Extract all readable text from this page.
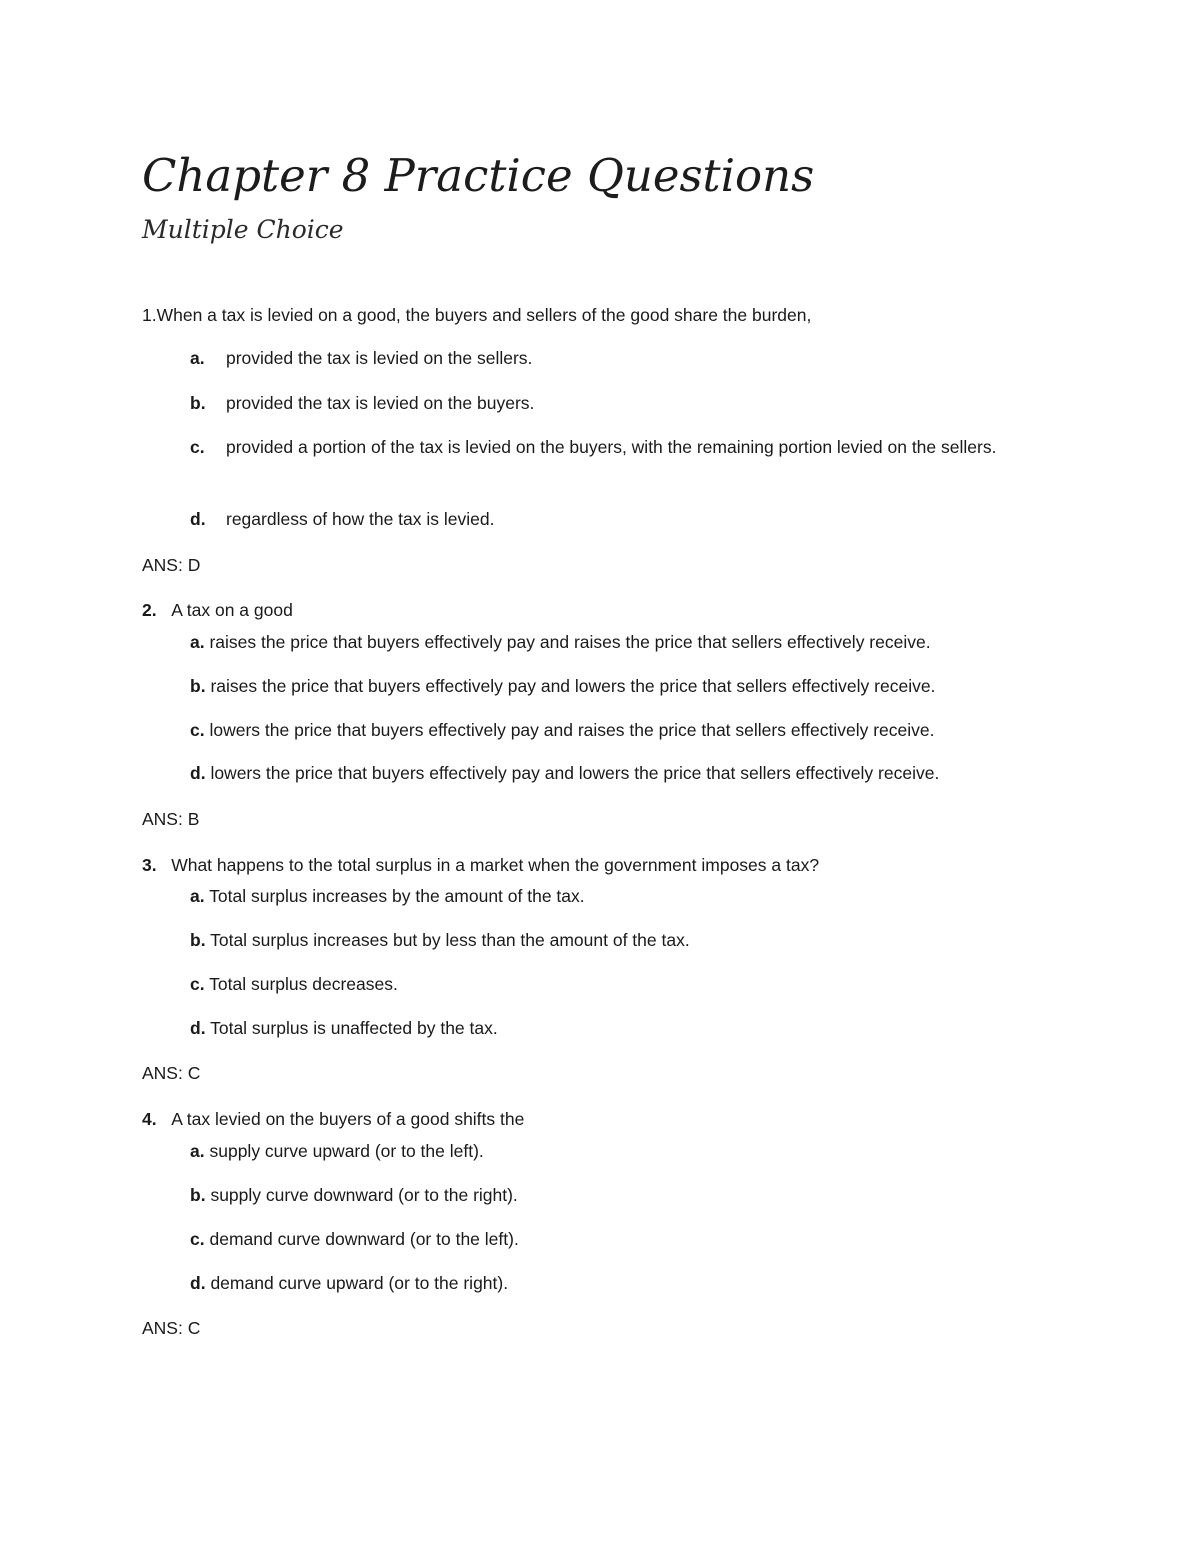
Chapter 8 Practice Questions
Multiple Choice
1.When a tax is levied on a good, the buyers and sellers of the good share the burden,
a.	provided the tax is levied on the sellers.
b.	provided the tax is levied on the buyers.
c.	provided a portion of the tax is levied on the buyers, with the remaining portion levied on the sellers.
d.	regardless of how the tax is levied.
ANS: D
2. A tax on a good
a. raises the price that buyers effectively pay and raises the price that sellers effectively receive.
b. raises the price that buyers effectively pay and lowers the price that sellers effectively receive.
c. lowers the price that buyers effectively pay and raises the price that sellers effectively receive.
d. lowers the price that buyers effectively pay and lowers the price that sellers effectively receive.
ANS: B
3. What happens to the total surplus in a market when the government imposes a tax?
a. Total surplus increases by the amount of the tax.
b. Total surplus increases but by less than the amount of the tax.
c. Total surplus decreases.
d. Total surplus is unaffected by the tax.
ANS: C
4. A tax levied on the buyers of a good shifts the
a. supply curve upward (or to the left).
b. supply curve downward (or to the right).
c. demand curve downward (or to the left).
d. demand curve upward (or to the right).
ANS: C
